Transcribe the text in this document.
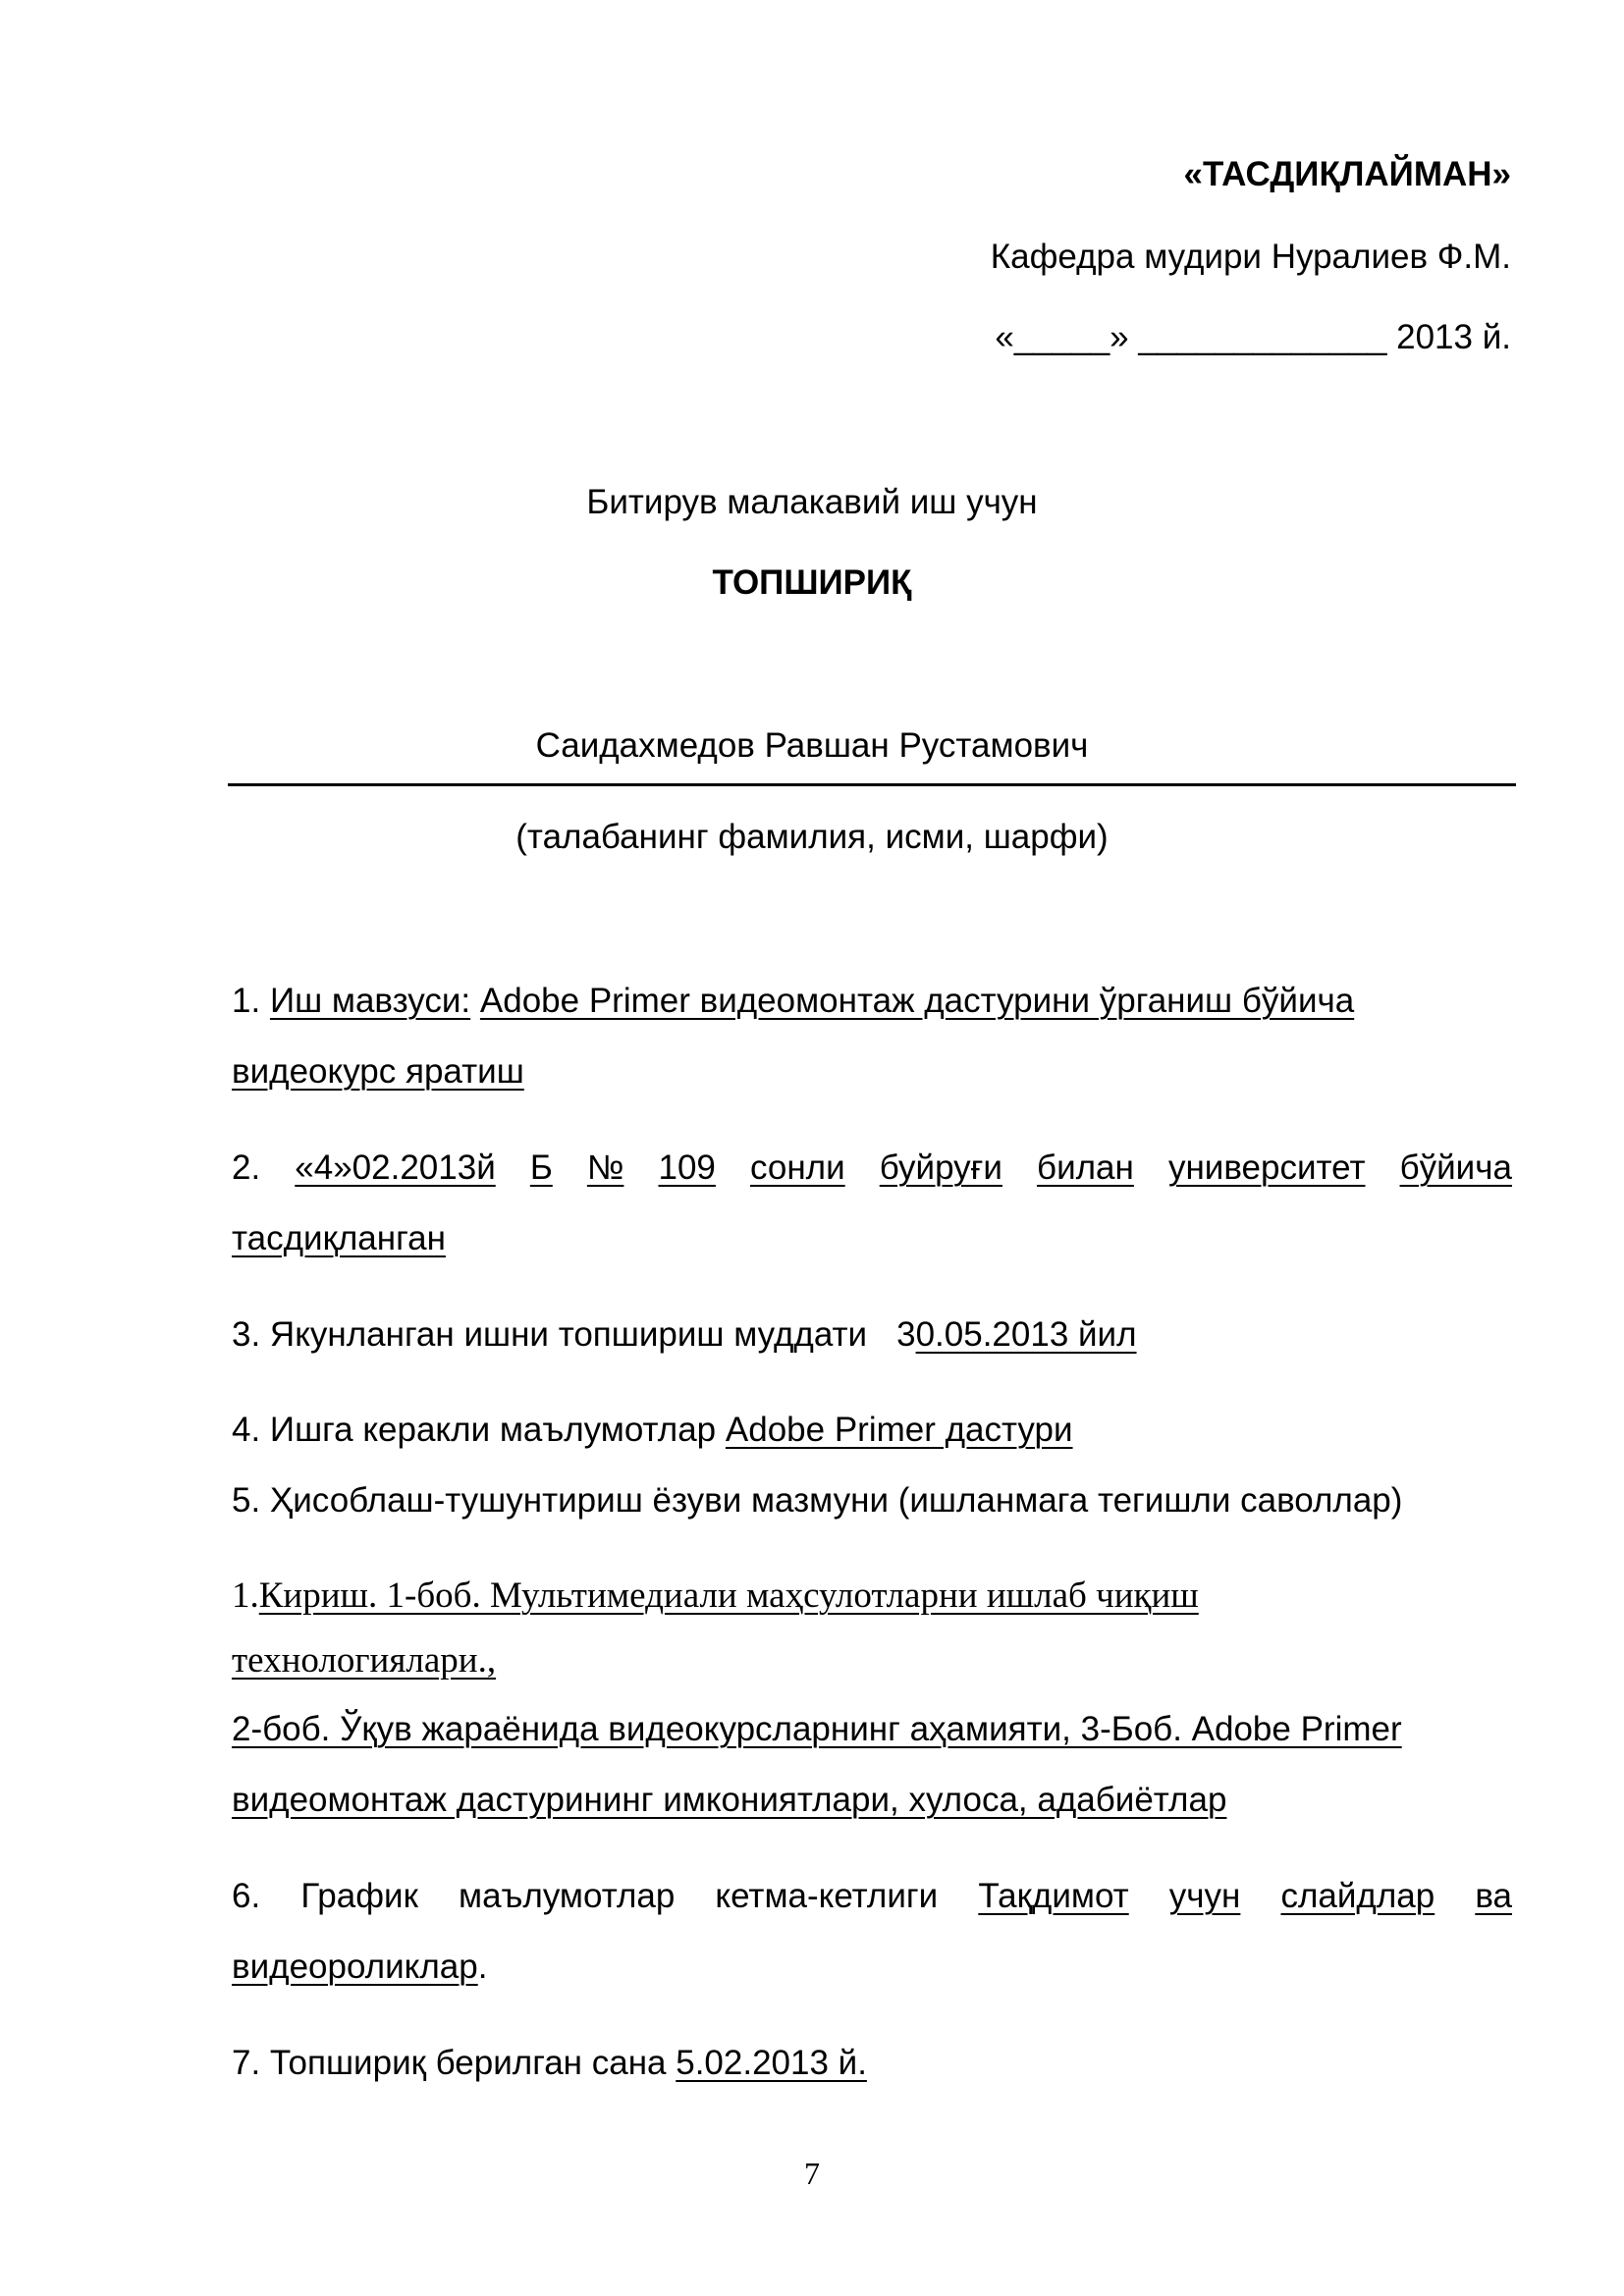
«ТАСДИҚЛАЙМАН»
Кафедра мудири Нуралиев Ф.М.
«_____» _____________ 2013 й.
Битирув малакавий иш учун
ТОПШИРИҚ
Саидахмедов Равшан Рустамович
(талабанинг фамилия, исми, шарфи)
1. Иш мавзуси: Adobe Primer видеомонтаж дастурини ўрганиш бўйича
видеокурс яратиш
2. «4»02.2013й Б № 109 сонли буйруғи билан университет бўйича
тасдиқланган
3. Якунланган ишни топшириш муддати 30.05.2013 йил
4. Ишга керакли маълумотлар Adobe Primer дастури
5. Ҳисоблаш-тушунтириш ёзуви мазмуни (ишланмага тегишли саволлар)
1.Кириш. 1-боб. Мультимедиали маҳсулотларни ишлаб чиқиш
технологиялари.,
2-боб. Ўқув жараёнида видеокурсларнинг аҳамияти, 3-Боб. Adobe Primer
видеомонтаж дастурининг имкониятлари, хулоса, адабиётлар
6. График маълумотлар кетма-кетлиги Тақдимот учун слайдлар ва
видеороликлар.
7. Топшириқ берилган сана 5.02.2013 й.
7
